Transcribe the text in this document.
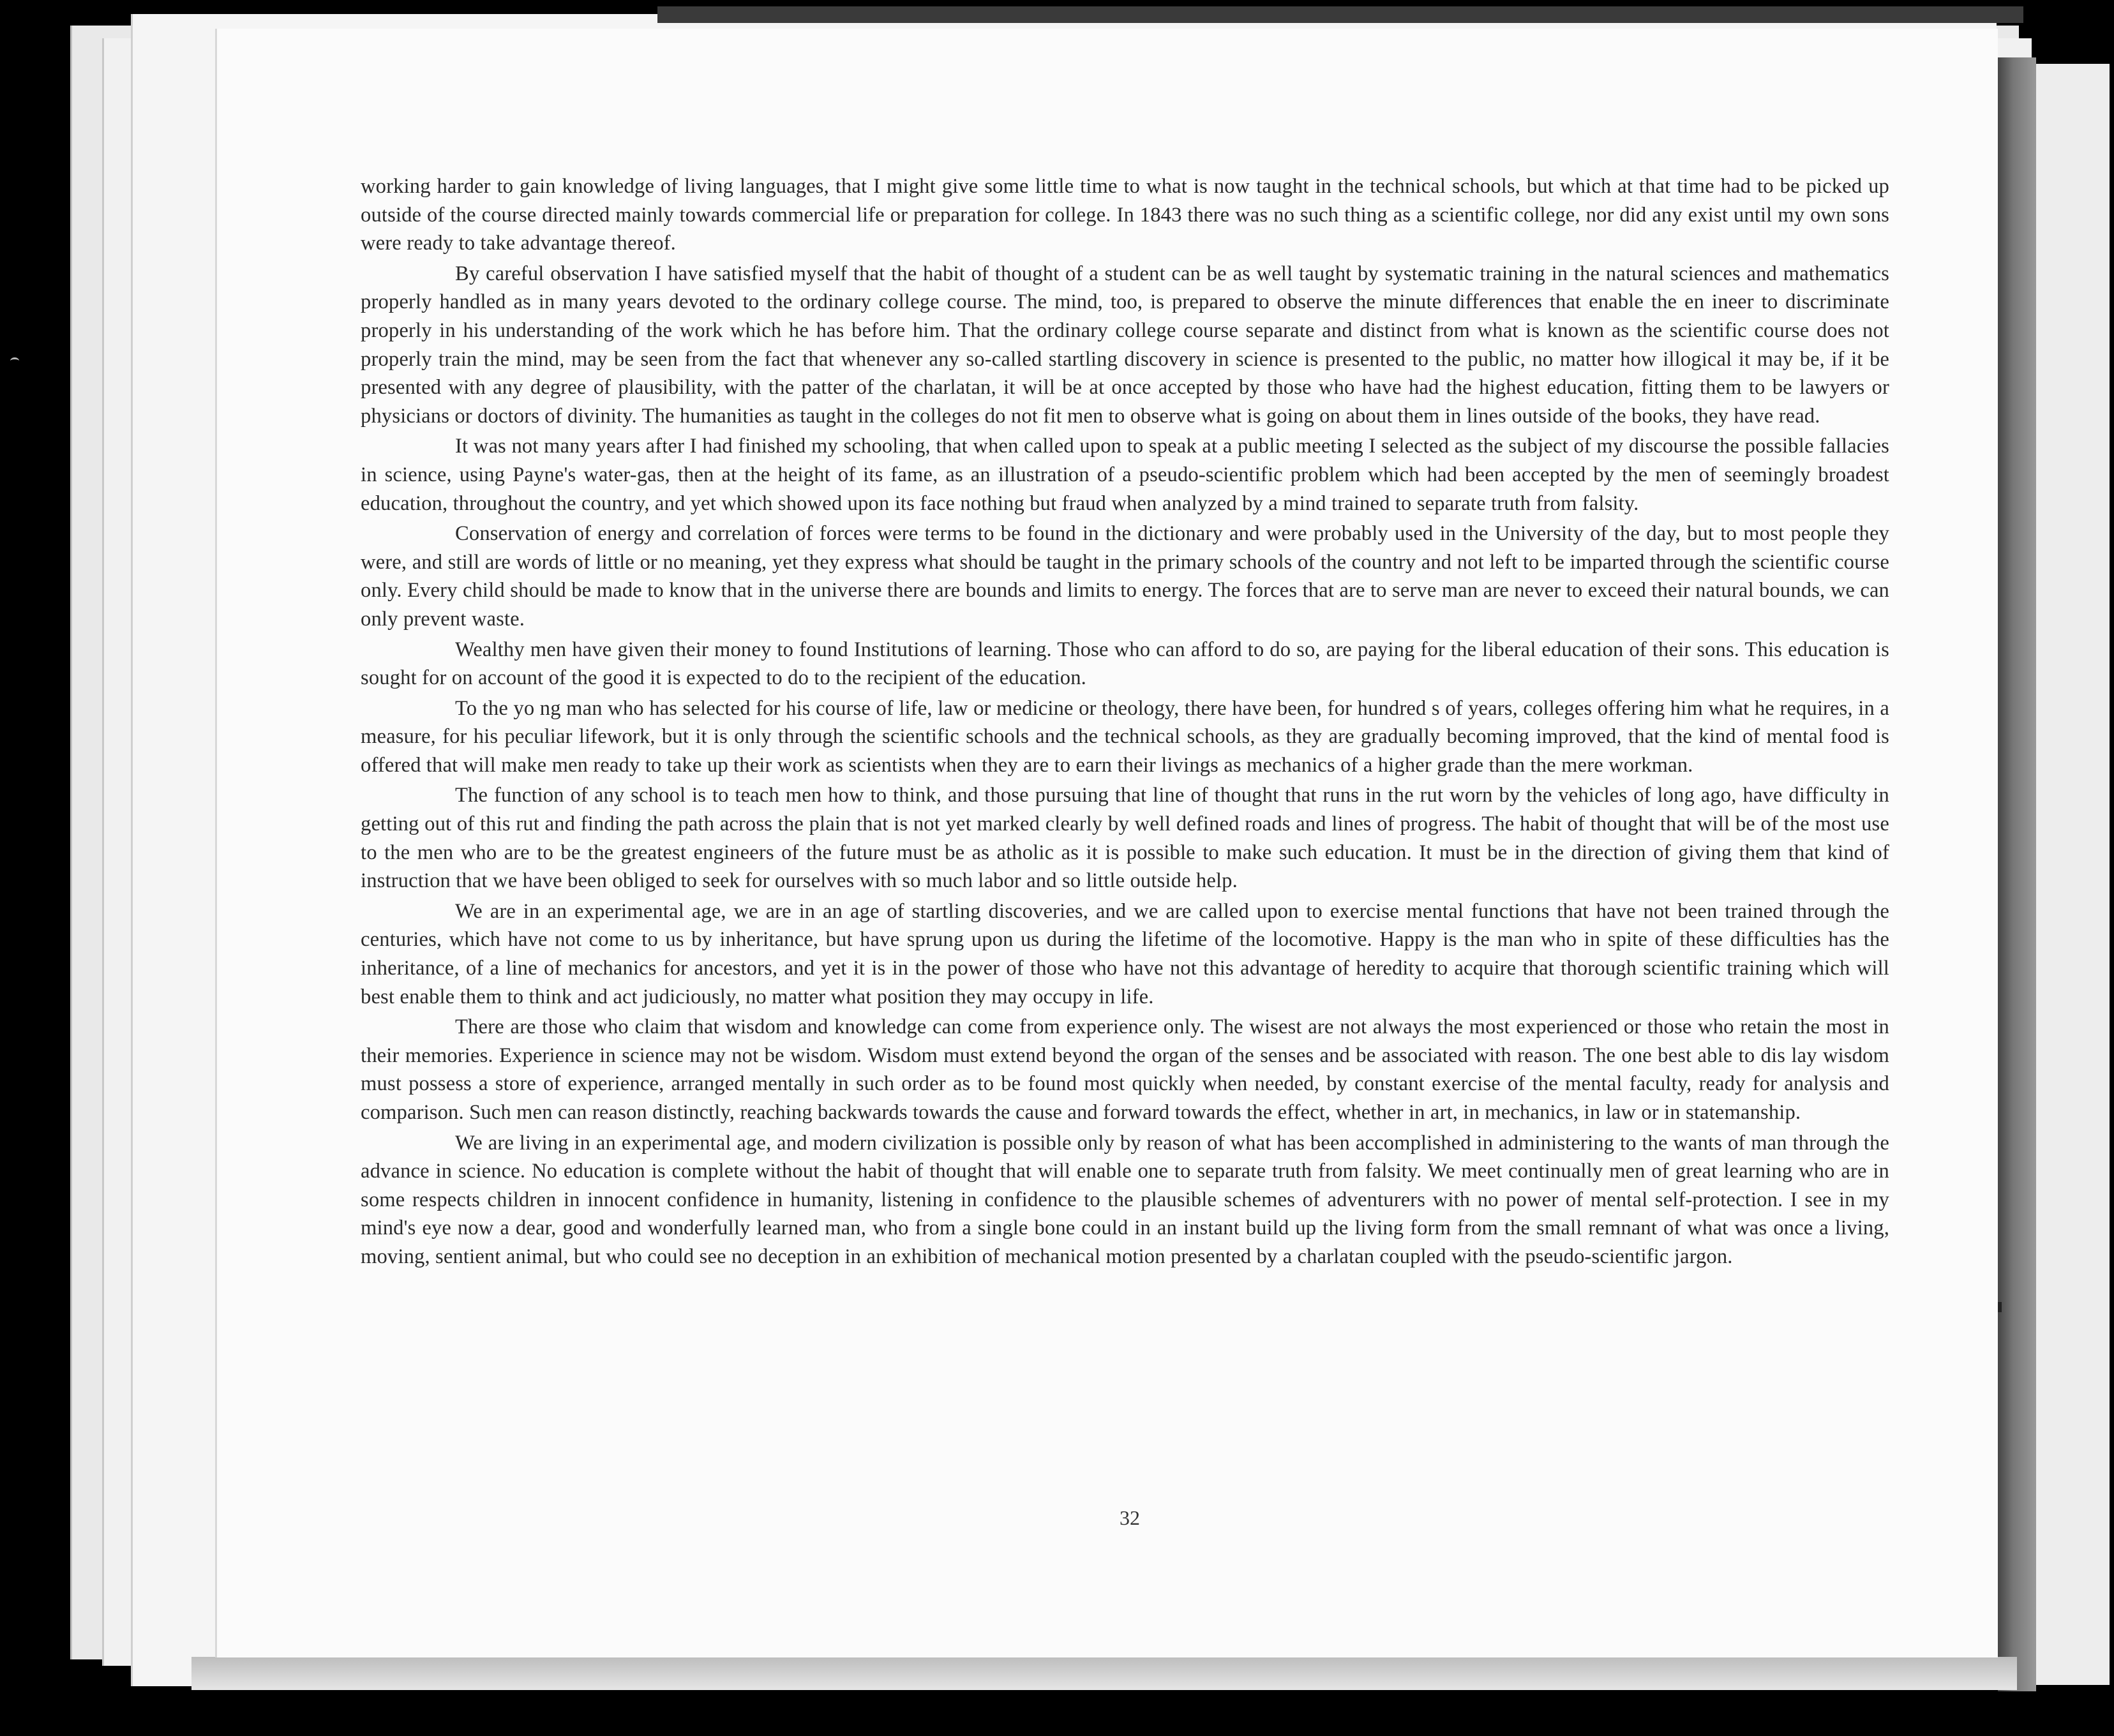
working harder to gain knowledge of living languages, that I might give some little time to what is now taught in the technical schools, but which at that time had to be picked up outside of the course directed mainly towards commercial life or preparation for college. In 1843 there was no such thing as a scientific college, nor did any exist until my own sons were ready to take advantage thereof.

By careful observation I have satisfied myself that the habit of thought of a student can be as well taught by systematic training in the natural sciences and mathematics properly handled as in many years devoted to the ordinary college course. The mind, too, is prepared to observe the minute differences that enable the en ineer to discriminate properly in his understanding of the work which he has before him. That the ordinary college course separate and distinct from what is known as the scientific course does not properly train the mind, may be seen from the fact that whenever any so-called startling discovery in science is presented to the public, no matter how illogical it may be, if it be presented with any degree of plausibility, with the patter of the charlatan, it will be at once accepted by those who have had the highest education, fitting them to be lawyers or physicians or doctors of divinity. The humanities as taught in the colleges do not fit men to observe what is going on about them in lines outside of the books, they have read.

It was not many years after I had finished my schooling, that when called upon to speak at a public meeting I selected as the subject of my discourse the possible fallacies in science, using Payne's water-gas, then at the height of its fame, as an illustration of a pseudo-scientific problem which had been accepted by the men of seemingly broadest education, throughout the country, and yet which showed upon its face nothing but fraud when analyzed by a mind trained to separate truth from falsity.

Conservation of energy and correlation of forces were terms to be found in the dictionary and were probably used in the University of the day, but to most people they were, and still are words of little or no meaning, yet they express what should be taught in the primary schools of the country and not left to be imparted through the scientific course only. Every child should be made to know that in the universe there are bounds and limits to energy. The forces that are to serve man are never to exceed their natural bounds, we can only prevent waste.

Wealthy men have given their money to found Institutions of learning. Those who can afford to do so, are paying for the liberal education of their sons. This education is sought for on account of the good it is expected to do to the recipient of the education.

To the yo ng man who has selected for his course of life, law or medicine or theology, there have been, for hundred s of years, colleges offering him what he requires, in a measure, for his peculiar lifework, but it is only through the scientific schools and the technical schools, as they are gradually becoming improved, that the kind of mental food is offered that will make men ready to take up their work as scientists when they are to earn their livings as mechanics of a higher grade than the mere workman.

The function of any school is to teach men how to think, and those pursuing that line of thought that runs in the rut worn by the vehicles of long ago, have difficulty in getting out of this rut and finding the path across the plain that is not yet marked clearly by well defined roads and lines of progress. The habit of thought that will be of the most use to the men who are to be the greatest engineers of the future must be as atholic as it is possible to make such education. It must be in the direction of giving them that kind of instruction that we have been obliged to seek for ourselves with so much labor and so little outside help.

We are in an experimental age, we are in an age of startling discoveries, and we are called upon to exercise mental functions that have not been trained through the centuries, which have not come to us by inheritance, but have sprung upon us during the lifetime of the locomotive. Happy is the man who in spite of these difficulties has the inheritance, of a line of mechanics for ancestors, and yet it is in the power of those who have not this advantage of heredity to acquire that thorough scientific training which will best enable them to think and act judiciously, no matter what position they may occupy in life.

There are those who claim that wisdom and knowledge can come from experience only. The wisest are not always the most experienced or those who retain the most in their memories. Experience in science may not be wisdom. Wisdom must extend beyond the organ of the senses and be associated with reason. The one best able to dis lay wisdom must possess a store of experience, arranged mentally in such order as to be found most quickly when needed, by constant exercise of the mental faculty, ready for analysis and comparison. Such men can reason distinctly, reaching backwards towards the cause and forward towards the effect, whether in art, in mechanics, in law or in statemanship.

We are living in an experimental age, and modern civilization is possible only by reason of what has been accomplished in administering to the wants of man through the advance in science. No education is complete without the habit of thought that will enable one to separate truth from falsity. We meet continually men of great learning who are in some respects children in innocent confidence in humanity, listening in confidence to the plausible schemes of adventurers with no power of mental self-protection. I see in my mind's eye now a dear, good and wonderfully learned man, who from a single bone could in an instant build up the living form from the small remnant of what was once a living, moving, sentient animal, but who could see no deception in an exhibition of mechanical motion presented by a charlatan coupled with the pseudo-scientific jargon.

32
